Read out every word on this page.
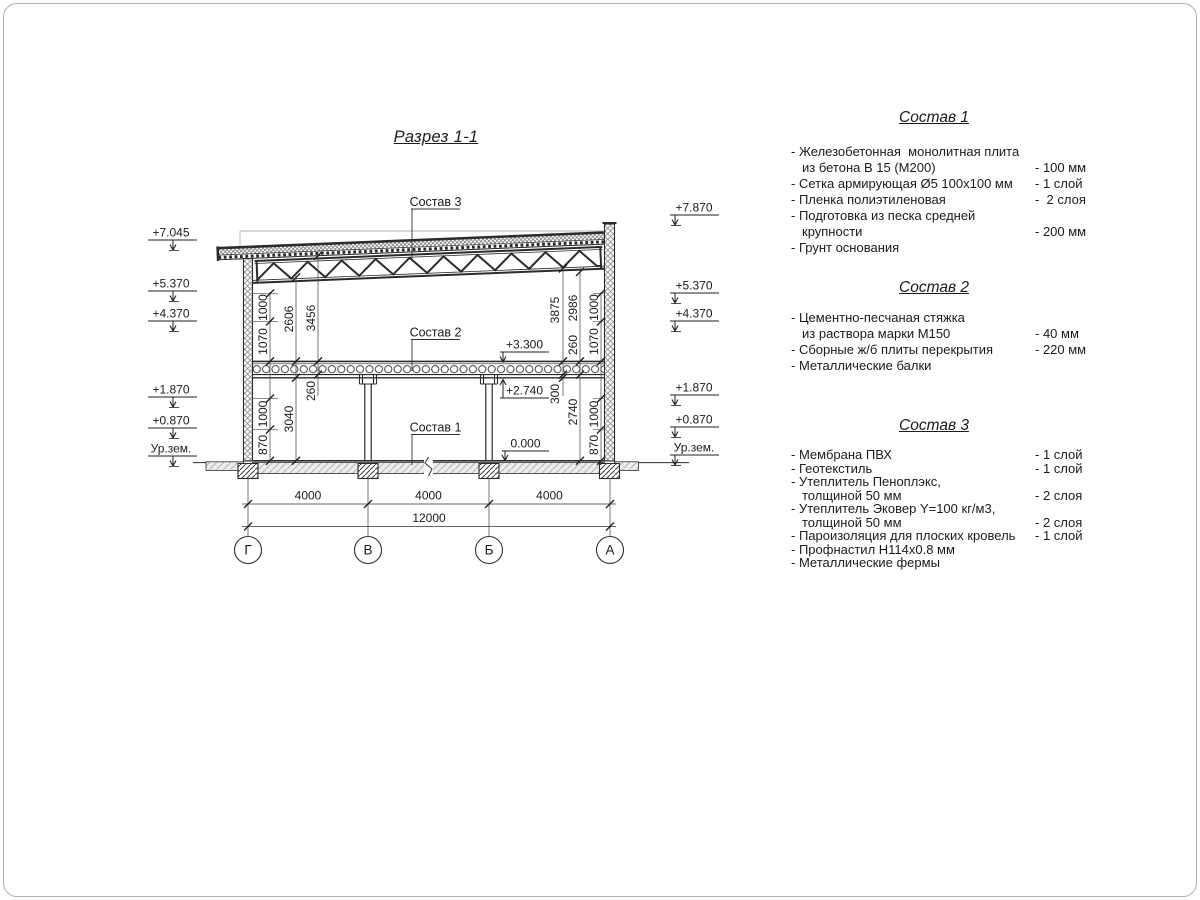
Разрез 1-1
1000
1070
1000
870
2606
3040
3456
260
3875
300
2986
260
2740
1000
1070
1000
870
Состав 3
Состав 2
Состав 1
+3.300
+2.740
0.000
+7.045
+5.370
+4.370
+1.870
+0.870
Ур.зем.
+7.870
+5.370
+4.370
+1.870
+0.870
Ур.зем.
4000	4000	4000
12000
Г	В	Б	А
Состав 1
- Железобетонная  монолитная плита
из бетона В 15 (М200)	- 100 мм
- Сетка армирующая Ø5 100х100 мм	- 1 слой
- Пленка полиэтиленовая	-  2 слоя
- Подготовка из песка средней
крупности	- 200 мм
- Грунт основания
Состав 2
- Цементно-песчаная стяжка
из раствора марки М150	- 40 мм
- Сборные ж/б плиты перекрытия	- 220 мм
- Металлические балки
Состав 3
- Мембрана ПВХ	- 1 слой
- Геотекстиль	- 1 слой
- Утеплитель Пеноплэкс,
толщиной 50 мм	- 2 слоя
- Утеплитель Эковер Y=100 кг/м3,
толщиной 50 мм	- 2 слоя
- Пароизоляция для плоских кровель	- 1 слой
- Профнастил Н114х0.8 мм
- Металлические фермы
